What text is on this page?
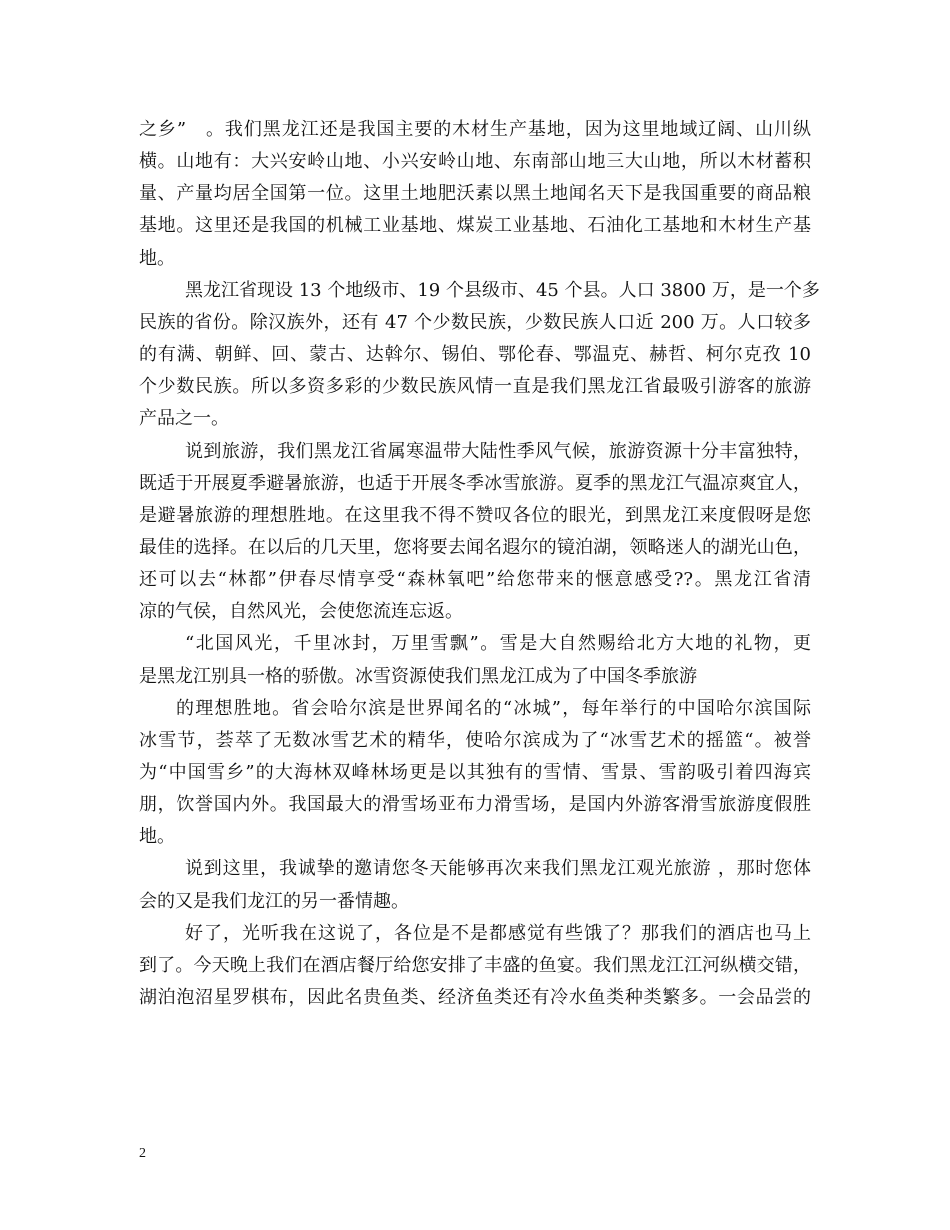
之乡”　。我们黑龙江还是我国主要的木材生产基地，因为这里地域辽阔、山川纵
横。山地有：大兴安岭山地、小兴安岭山地、东南部山地三大山地，所以木材蓄积
量、产量均居全国第一位。这里土地肥沃素以黑土地闻名天下是我国重要的商品粮
基地。这里还是我国的机械工业基地、煤炭工业基地、石油化工基地和木材生产基
地。
黑龙江省现设 13 个地级市、19 个县级市、45 个县。人口 3800 万，是一个多
民族的省份。除汉族外，还有 47 个少数民族，少数民族人口近 200 万。人口较多
的有满、朝鲜、回、蒙古、达斡尔、锡伯、鄂伦春、鄂温克、赫哲、柯尔克孜 10
个少数民族。所以多资多彩的少数民族风情一直是我们黑龙江省最吸引游客的旅游
产品之一。
说到旅游，我们黑龙江省属寒温带大陆性季风气候，旅游资源十分丰富独特，
既适于开展夏季避暑旅游，也适于开展冬季冰雪旅游。夏季的黑龙江气温凉爽宜人，
是避暑旅游的理想胜地。在这里我不得不赞叹各位的眼光，到黑龙江来度假呀是您
最佳的选择。在以后的几天里，您将要去闻名遐尔的镜泊湖，领略迷人的湖光山色，
还可以去“林都”伊春尽情享受“森林氧吧”给您带来的惬意感受??。黑龙江省清
凉的气侯，自然风光，会使您流连忘返。
“北国风光，千里冰封，万里雪飘”。雪是大自然赐给北方大地的礼物，更
是黑龙江别具一格的骄傲。冰雪资源使我们黑龙江成为了中国冬季旅游
的理想胜地。省会哈尔滨是世界闻名的“冰城”，每年举行的中国哈尔滨国际
冰雪节，荟萃了无数冰雪艺术的精华，使哈尔滨成为了“冰雪艺术的摇篮“。被誉
为“中国雪乡”的大海林双峰林场更是以其独有的雪情、雪景、雪韵吸引着四海宾
朋，饮誉国内外。我国最大的滑雪场亚布力滑雪场，是国内外游客滑雪旅游度假胜
地。
说到这里，我诚挚的邀请您冬天能够再次来我们黑龙江观光旅游 ，那时您体
会的又是我们龙江的另一番情趣。
好了，光听我在这说了，各位是不是都感觉有些饿了？那我们的酒店也马上
到了。今天晚上我们在酒店餐厅给您安排了丰盛的鱼宴。我们黑龙江江河纵横交错，
湖泊泡沼星罗棋布，因此名贵鱼类、经济鱼类还有冷水鱼类种类繁多。一会品尝的
2
